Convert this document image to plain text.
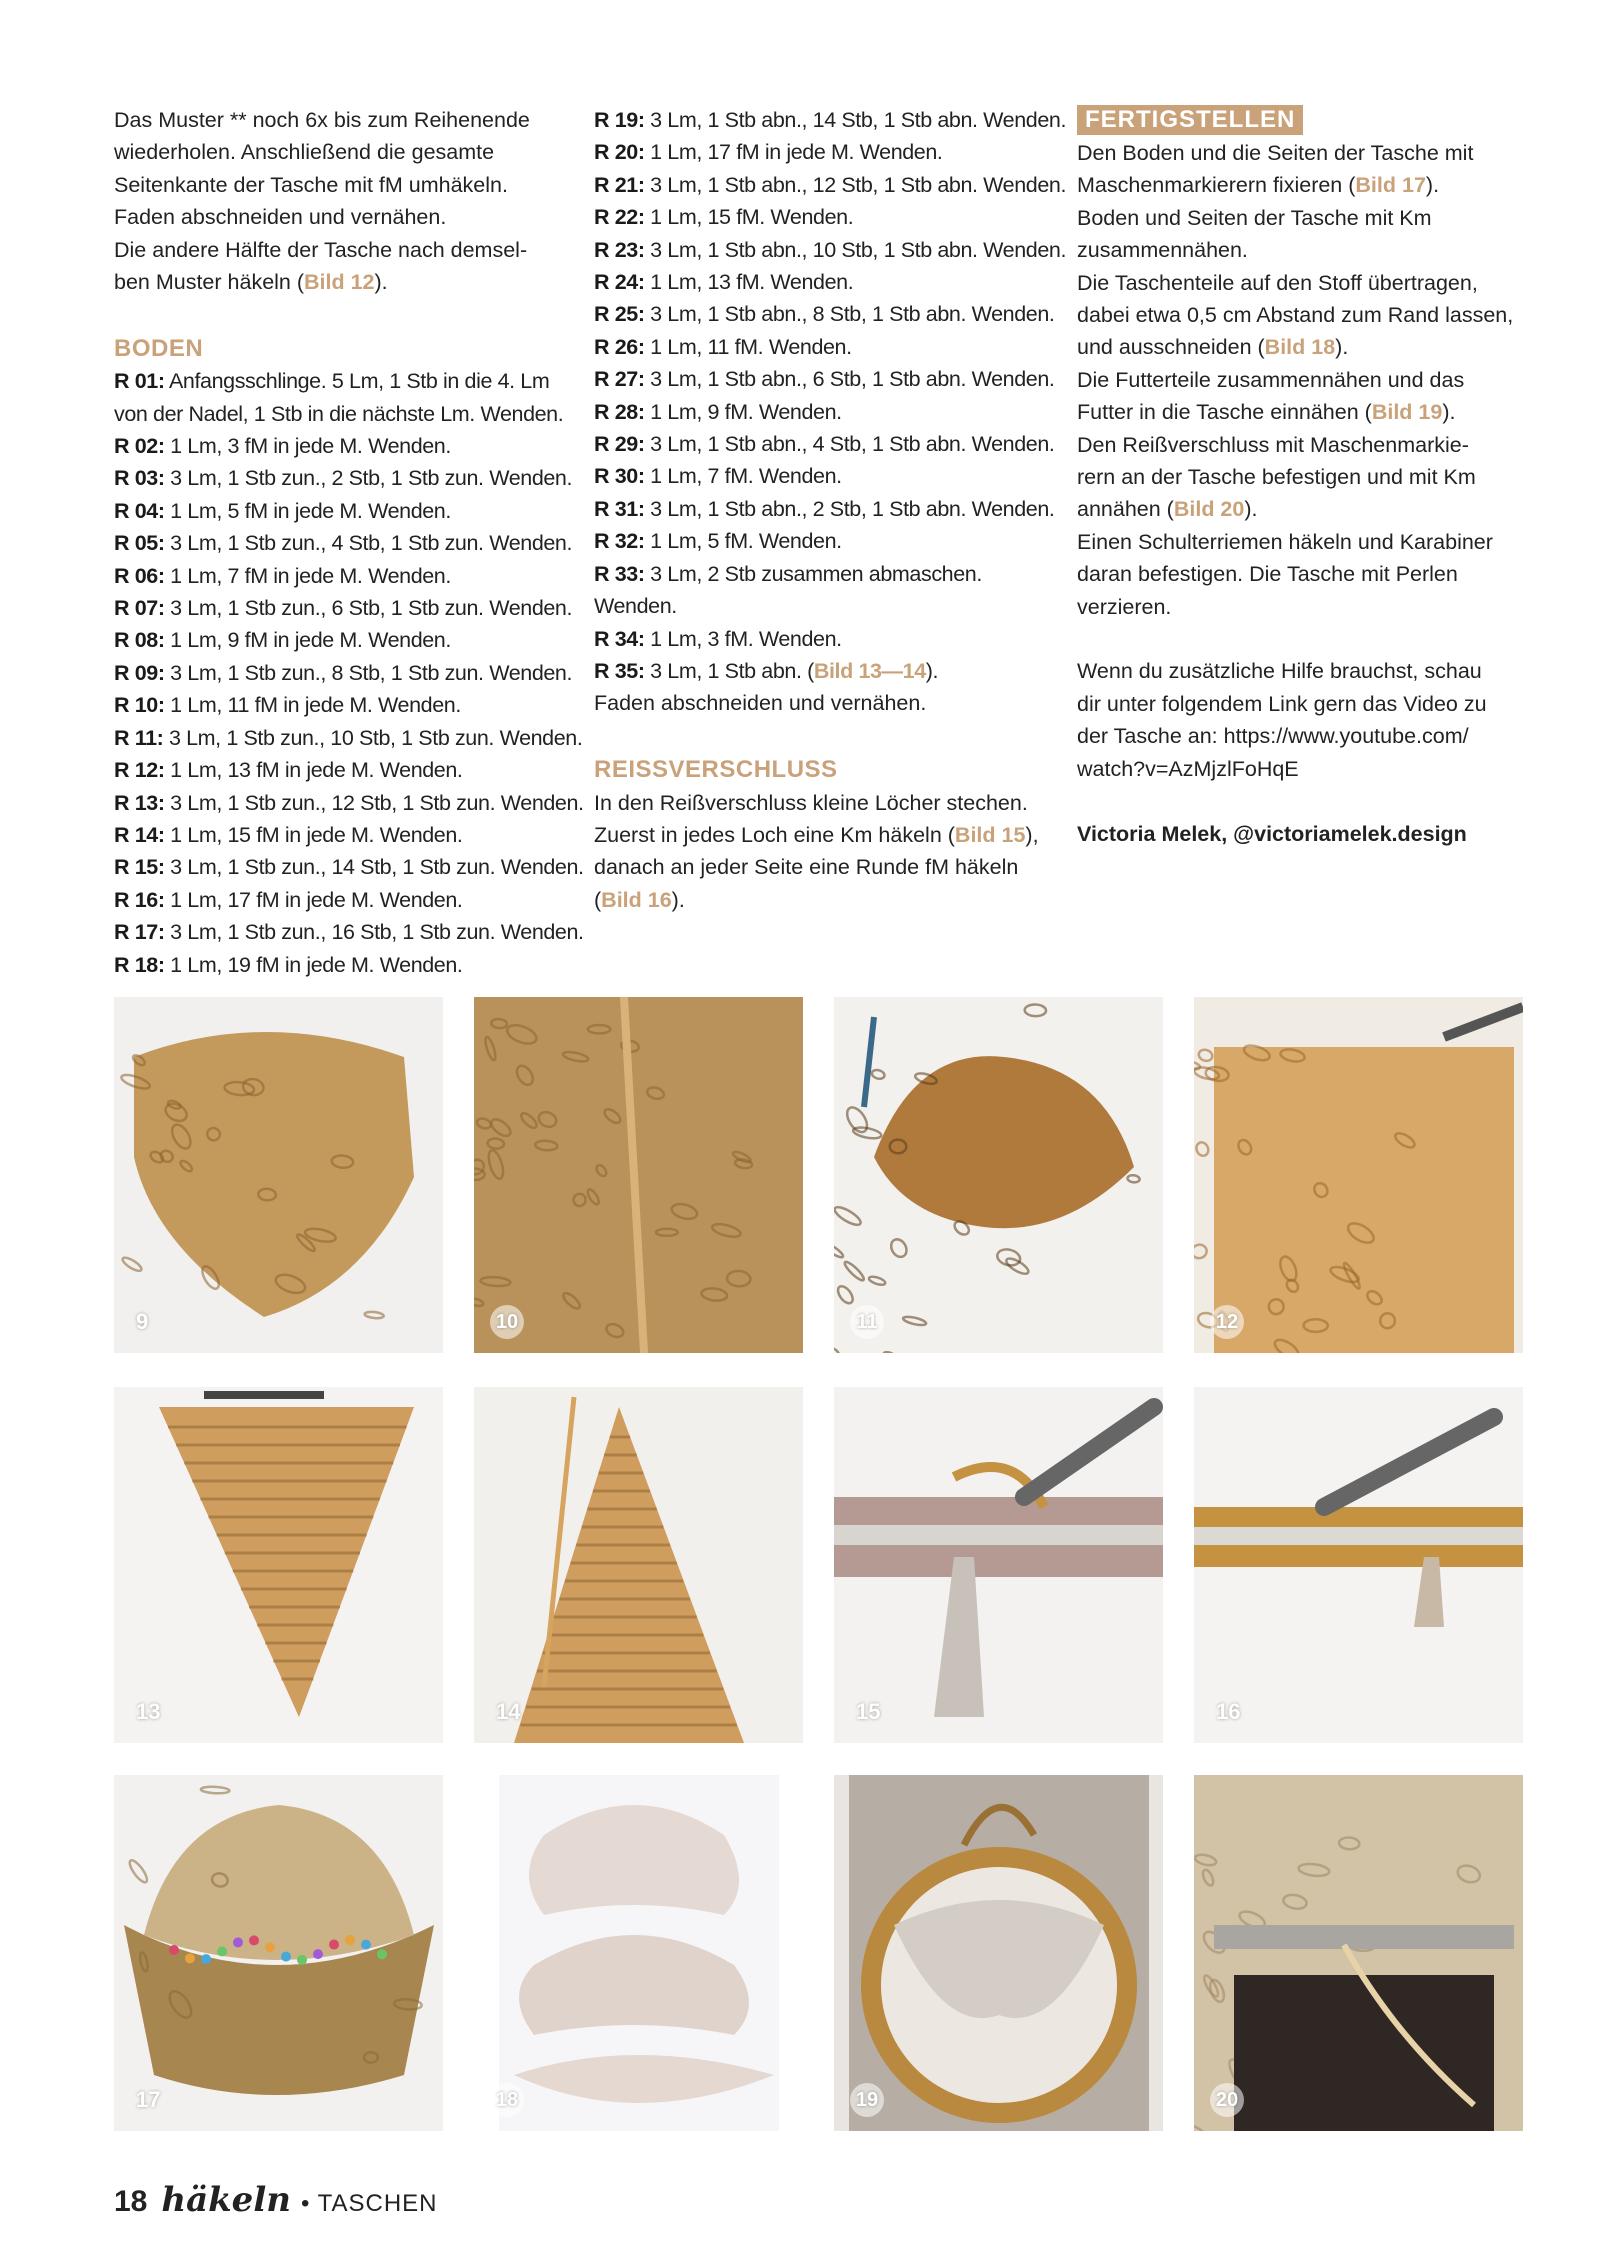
Das Muster ** noch 6x bis zum Reihenende
wiederholen. Anschließend die gesamte
Seitenkante der Tasche mit fM umhäkeln.
Faden abschneiden und vernähen.
Die andere Hälfte der Tasche nach demsel-
ben Muster häkeln (Bild 12).
BODEN
R 01: Anfangsschlinge. 5 Lm, 1 Stb in die 4. Lm
von der Nadel, 1 Stb in die nächste Lm. Wenden.
R 02: 1 Lm, 3 fM in jede M. Wenden.
R 03: 3 Lm, 1 Stb zun., 2 Stb, 1 Stb zun. Wenden.
R 04: 1 Lm, 5 fM in jede M. Wenden.
R 05: 3 Lm, 1 Stb zun., 4 Stb, 1 Stb zun. Wenden.
R 06: 1 Lm, 7 fM in jede M. Wenden.
R 07: 3 Lm, 1 Stb zun., 6 Stb, 1 Stb zun. Wenden.
R 08: 1 Lm, 9 fM in jede M. Wenden.
R 09: 3 Lm, 1 Stb zun., 8 Stb, 1 Stb zun. Wenden.
R 10: 1 Lm, 11 fM in jede M. Wenden.
R 11: 3 Lm, 1 Stb zun., 10 Stb, 1 Stb zun. Wenden.
R 12: 1 Lm, 13 fM in jede M. Wenden.
R 13: 3 Lm, 1 Stb zun., 12 Stb, 1 Stb zun. Wenden.
R 14: 1 Lm, 15 fM in jede M. Wenden.
R 15: 3 Lm, 1 Stb zun., 14 Stb, 1 Stb zun. Wenden.
R 16: 1 Lm, 17 fM in jede M. Wenden.
R 17: 3 Lm, 1 Stb zun., 16 Stb, 1 Stb zun. Wenden.
R 18: 1 Lm, 19 fM in jede M. Wenden.
R 19: 3 Lm, 1 Stb abn., 14 Stb, 1 Stb abn. Wenden.
R 20: 1 Lm, 17 fM in jede M. Wenden.
R 21: 3 Lm, 1 Stb abn., 12 Stb, 1 Stb abn. Wenden.
R 22: 1 Lm, 15 fM. Wenden.
R 23: 3 Lm, 1 Stb abn., 10 Stb, 1 Stb abn. Wenden.
R 24: 1 Lm, 13 fM. Wenden.
R 25: 3 Lm, 1 Stb abn., 8 Stb, 1 Stb abn. Wenden.
R 26: 1 Lm, 11 fM. Wenden.
R 27: 3 Lm, 1 Stb abn., 6 Stb, 1 Stb abn. Wenden.
R 28: 1 Lm, 9 fM. Wenden.
R 29: 3 Lm, 1 Stb abn., 4 Stb, 1 Stb abn. Wenden.
R 30: 1 Lm, 7 fM. Wenden.
R 31: 3 Lm, 1 Stb abn., 2 Stb, 1 Stb abn. Wenden.
R 32: 1 Lm, 5 fM. Wenden.
R 33: 3 Lm, 2 Stb zusammen abmaschen.
Wenden.
R 34: 1 Lm, 3 fM. Wenden.
R 35: 3 Lm, 1 Stb abn. (Bild 13—14).
Faden abschneiden und vernähen.
REISSVERSCHLUSS
In den Reißverschluss kleine Löcher stechen.
Zuerst in jedes Loch eine Km häkeln (Bild 15),
danach an jeder Seite eine Runde fM häkeln
(Bild 16).
FERTIGSTELLEN
Den Boden und die Seiten der Tasche mit
Maschenmarkierern fixieren (Bild 17).
Boden und Seiten der Tasche mit Km
zusammennähen.
Die Taschenteile auf den Stoff übertragen,
dabei etwa 0,5 cm Abstand zum Rand lassen,
und ausschneiden (Bild 18).
Die Futterteile zusammennähen und das
Futter in die Tasche einnähen (Bild 19).
Den Reißverschluss mit Maschenmarkie-
rern an der Tasche befestigen und mit Km
annähen (Bild 20).
Einen Schulterriemen häkeln und Karabiner
daran befestigen. Die Tasche mit Perlen
verzieren.
Wenn du zusätzliche Hilfe brauchst, schau
dir unter folgendem Link gern das Video zu
der Tasche an: https://www.youtube.com/
watch?v=AzMjzlFoHqE
Victoria Melek, @victoriamelek.design
9	10	11	12
13	14	15	16
17	18	19	20
18 häkeln • TASCHEN
